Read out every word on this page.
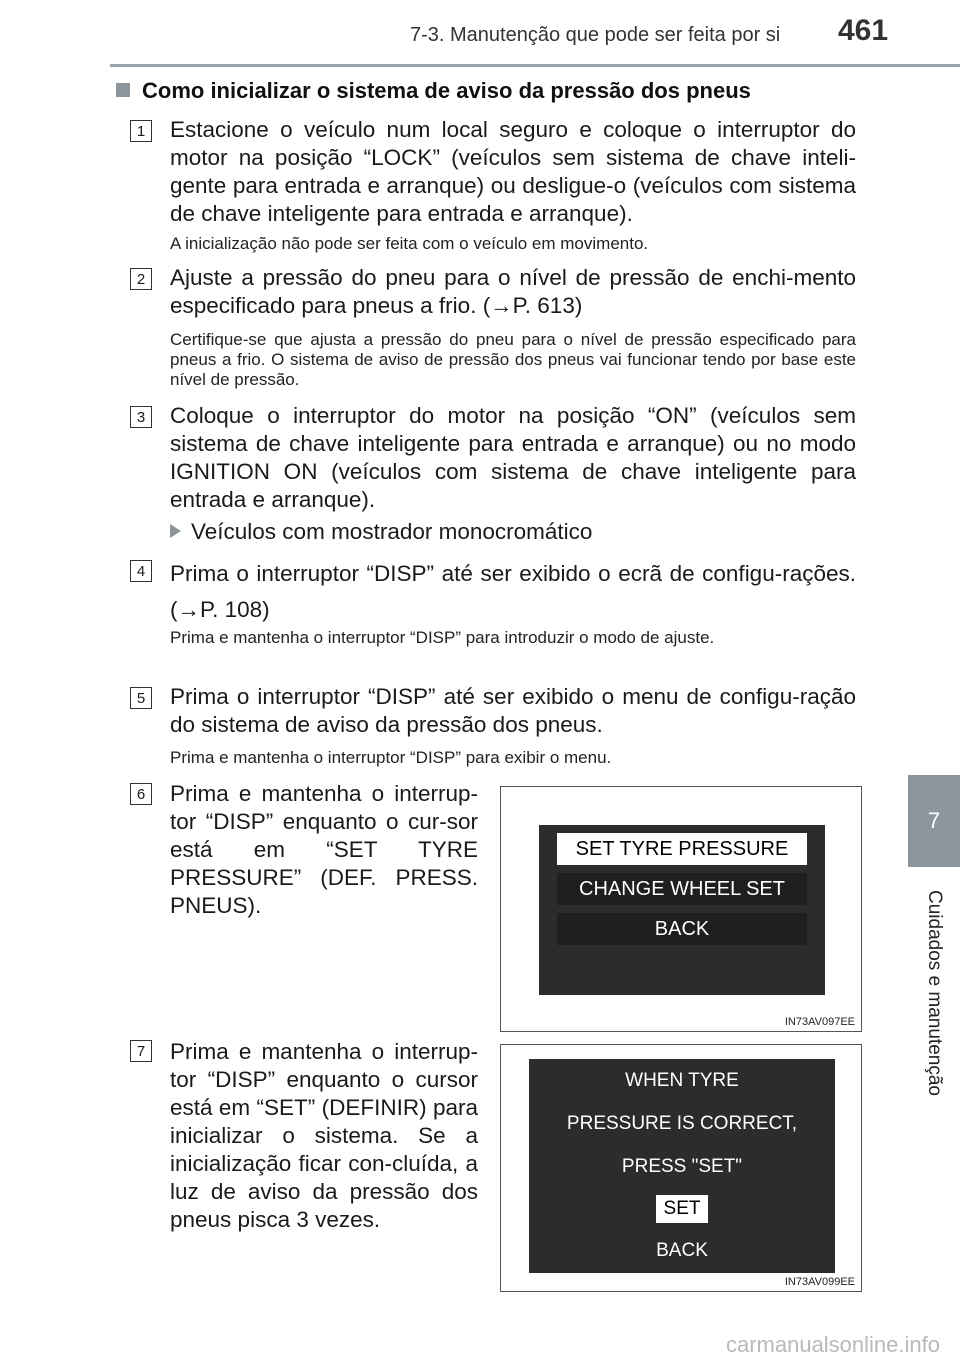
7-3. Manutenção que pode ser feita por si 461
7
Cuidados e manutenção
Como inicializar o sistema de aviso da pressão dos pneus
1	Estacione o veículo num local seguro e coloque o interruptor do motor na posição “LOCK” (veículos sem sistema de chave inteli-gente para entrada e arranque) ou desligue-o (veículos com sistema de chave inteligente para entrada e arranque).
A inicialização não pode ser feita com o veículo em movimento.
2	Ajuste a pressão do pneu para o nível de pressão de enchi-mento especificado para pneus a frio. (→P. 613)
Certifique-se que ajusta a pressão do pneu para o nível de pressão especificado para pneus a frio. O sistema de aviso de pressão dos pneus vai funcionar tendo por base este nível de pressão.
3	Coloque o interruptor do motor na posição “ON” (veículos sem sistema de chave inteligente para entrada e arranque) ou no modo IGNITION ON (veículos com sistema de chave inteligente para entrada e arranque).
Veículos com mostrador monocromático
4	Prima o interruptor “DISP” até ser exibido o ecrã de configu-rações. (→P. 108)
Prima e mantenha o interruptor “DISP” para introduzir o modo de ajuste.
5	Prima o interruptor “DISP” até ser exibido o menu de configu-ração do sistema de aviso da pressão dos pneus.
Prima e mantenha o interruptor “DISP” para exibir o menu.
6	Prima e mantenha o interrup-tor “DISP” enquanto o cur-sor está em “SET TYRE PRESSURE” (DEF. PRESS. PNEUS).
SET TYRE PRESSURE
CHANGE WHEEL SET
BACK
IN73AV097EE
7	Prima e mantenha o interrup-tor “DISP” enquanto o cursor está em “SET” (DEFINIR) para inicializar o sistema. Se a inicialização ficar con-cluída, a luz de aviso da pressão dos pneus pisca 3 vezes.
WHEN TYRE
PRESSURE IS CORRECT,
PRESS "SET"
SET
BACK
IN73AV099EE
carmanualsonline.info
